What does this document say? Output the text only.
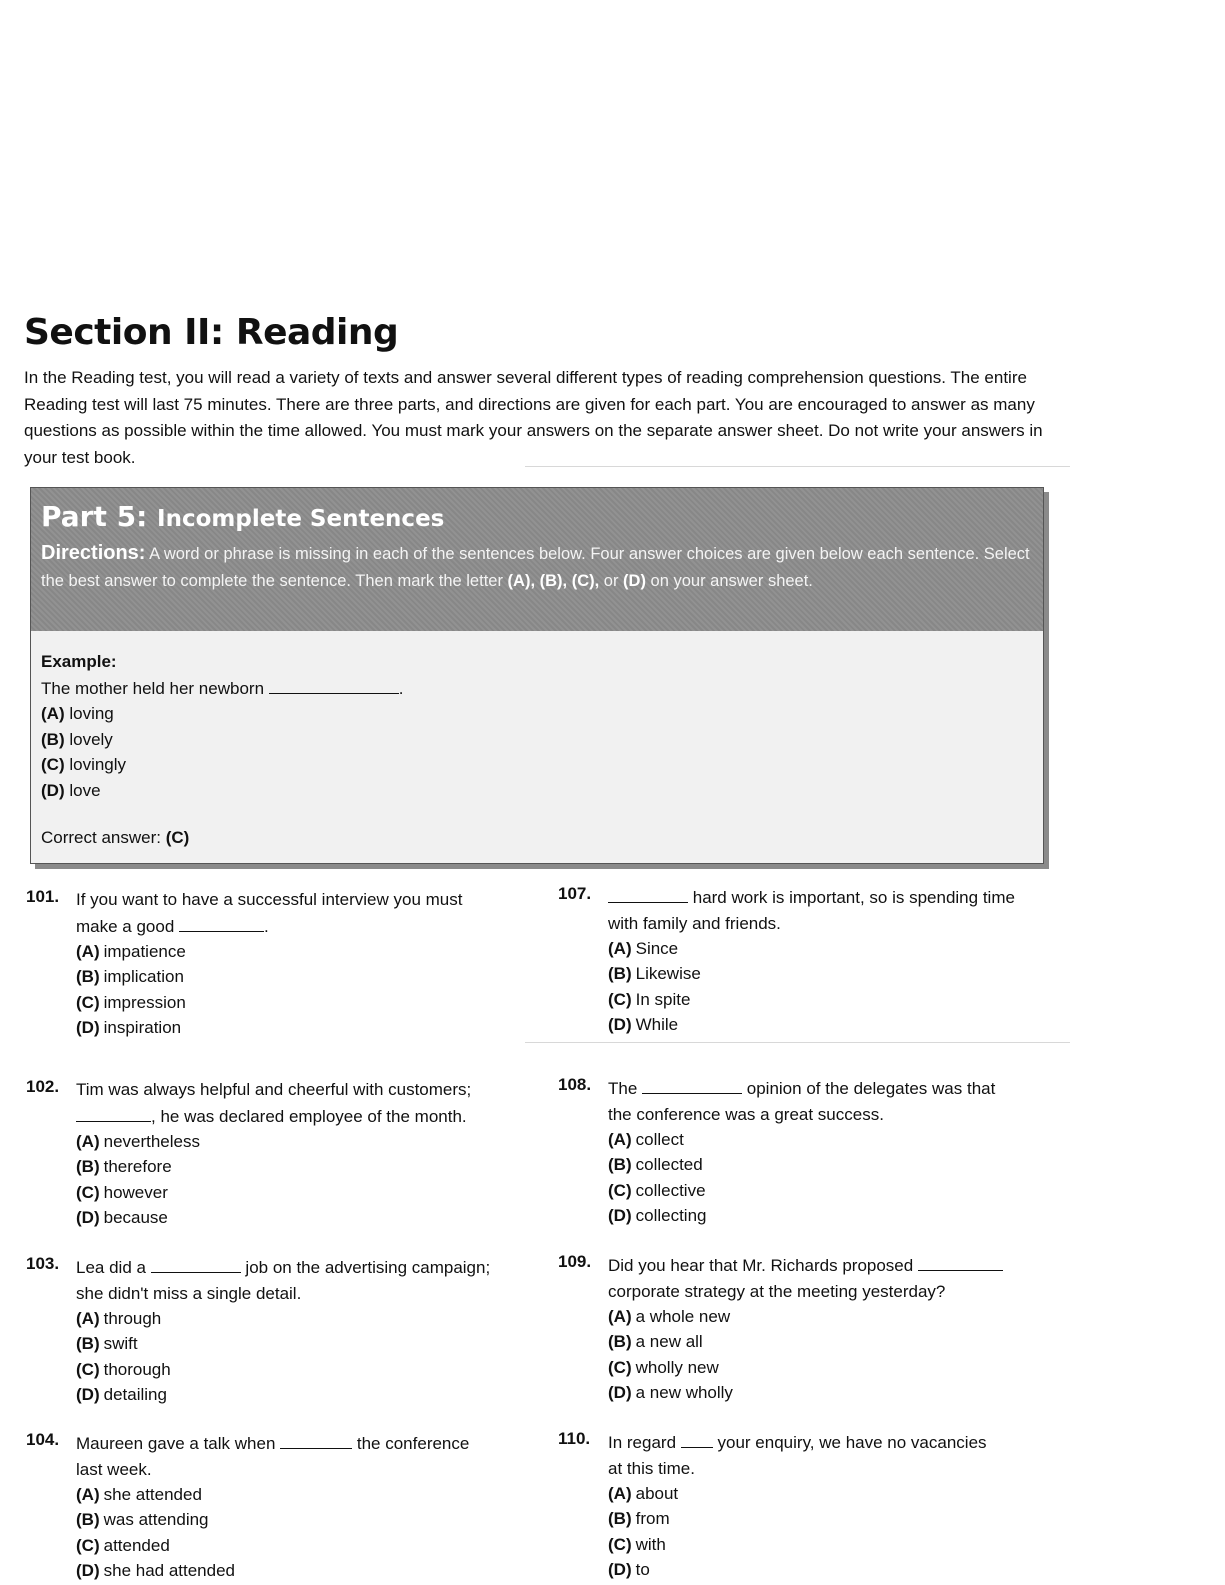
Section II: Reading

In the Reading test, you will read a variety of texts and answer several different types of reading comprehension questions. The entire Reading test will last 75 minutes. There are three parts, and directions are given for each part. You are encouraged to answer as many questions as possible within the time allowed. You must mark your answers on the separate answer sheet. Do not write your answers in your test book.

Part 5: Incomplete Sentences

Directions: A word or phrase is missing in each of the sentences below. Four answer choices are given below each sentence. Select the best answer to complete the sentence. Then mark the letter (A), (B), (C), or (D) on your answer sheet.

Example:
The mother held her newborn	.
(A) loving
(B) lovely
(C) lovingly
(D) love
Correct answer: (C)
101. If you want to have a successful interview you must
make a good	.
(A) impatience
(B) implication
(C) impression
(D) inspiration
102. Tim was always helpful and cheerful with customers;
, he was declared employee of the month.
(A) nevertheless
(B) therefore
(C) however
(D) because
103. Lea did a	job on the advertising campaign;
she didn't miss a single detail.
(A) through
(B) swift
(C) thorough
(D) detailing
104. Maureen gave a talk when	the conference
last week.
(A) she attended
(B) was attending
(C) attended
(D) she had attended
107.	hard work is important, so is spending time
with family and friends.
(A) Since
(B) Likewise
(C) In spite
(D) While
108. The	opinion of the delegates was that
the conference was a great success.
(A) collect
(B) collected
(C) collective
(D) collecting
109. Did you hear that Mr. Richards proposed
corporate strategy at the meeting yesterday?
(A) a whole new
(B) a new all
(C) wholly new
(D) a new wholly
110. In regard your enquiry, we have no vacancies
at this time.
(A) about
(B) from
(C) with
(D) to
